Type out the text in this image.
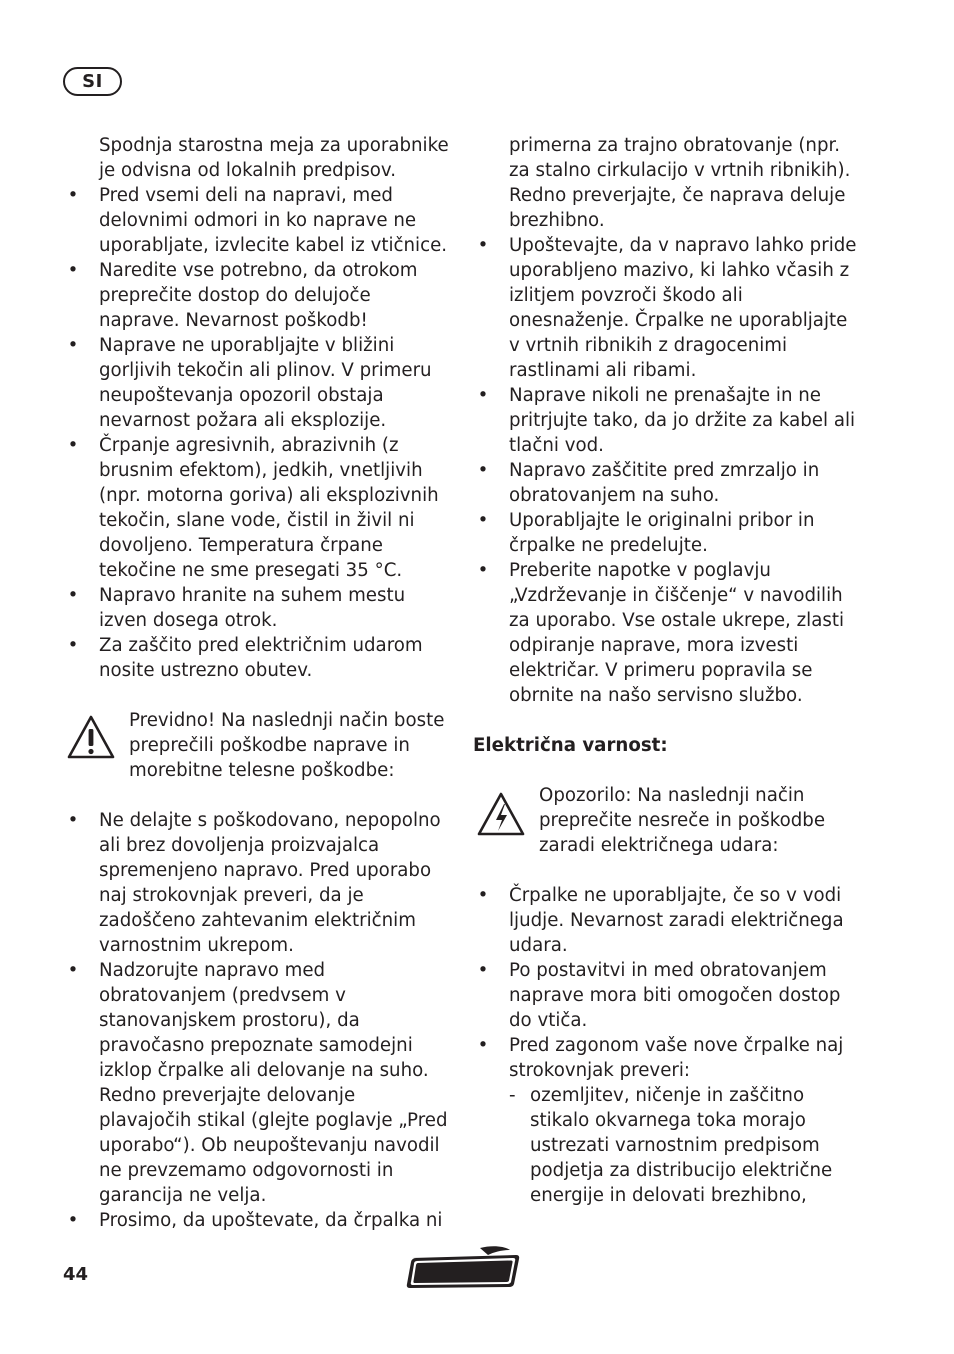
SI

Spodnja starostna meja za uporabnike je odvisna od lokalnih predpisov.

• Pred vsemi deli na napravi, med delovnimi odmori in ko naprave ne uporabljate, izvlecite kabel iz vtičnice.
• Naredite vse potrebno, da otrokom preprečite dostop do delujoče naprave. Nevarnost poškodb!
• Naprave ne uporabljajte v bližini gorljivih tekočin ali plinov. V primeru neupoštevanja opozoril obstaja nevarnost požara ali eksplozije.
• Črpanje agresivnih, abrazivnih (z brusnim efektom), jedkih, vnetljivih (npr. motorna goriva) ali eksplozivnih tekočin, slane vode, čistil in živil ni dovoljeno. Temperatura črpane tekočine ne sme presegati 35 °C.
• Napravo hranite na suhem mestu izven dosega otrok.
• Za zaščito pred električnim udarom nosite ustrezno obutev.
Previdno! Na naslednji način boste preprečili poškodbe naprave in morebitne telesne poškodbe:
• Ne delajte s poškodovano, nepopolno ali brez dovoljenja proizvajalca spremenjeno napravo. Pred uporabo naj strokovnjak preveri, da je zadoščeno zahtevanim električnim varnostnim ukrepom.
• Nadzorujte napravo med obratovanjem (predvsem v stanovanjskem prostoru), da pravočasno prepoznate samodejni izklop črpalke ali delovanje na suho. Redno preverjajte delovanje plavajočih stikal (glejte poglavje „Pred uporabo“). Ob neupoštevanju navodil ne prevzemamo odgovornosti in garancija ne velja.
• Prosimo, da upoštevate, da črpalka ni

primerna za trajno obratovanje (npr. za stalno cirkulacijo v vrtnih ribnikih). Redno preverjajte, če naprava deluje brezhibno.

• Upoštevajte, da v napravo lahko pride uporabljeno mazivo, ki lahko včasih z izlitjem povzroči škodo ali onesnaženje. Črpalke ne uporabljajte v vrtnih ribnikih z dragocenimi rastlinami ali ribami.
• Naprave nikoli ne prenašajte in ne pritrjujte tako, da jo držite za kabel ali tlačni vod.
• Napravo zaščitite pred zmrzaljo in obratovanjem na suho.
• Uporabljajte le originalni pribor in črpalke ne predelujte.
• Preberite napotke v poglavju „Vzdrževanje in čiščenje“ v navodilih za uporabo. Vse ostale ukrepe, zlasti odpiranje naprave, mora izvesti električar. V primeru popravila se obrnite na našo servisno službo.

Električna varnost:

Opozorilo: Na naslednji način preprečite nesreče in poškodbe zaradi električnega udara:
• Črpalke ne uporabljajte, če so v vodi ljudje. Nevarnost zaradi električnega udara.
• Po postavitvi in med obratovanjem naprave mora biti omogočen dostop do vtiča.
• Pred zagonom vaše nove črpalke naj strokovnjak preveri:
- ozemljitev, ničenje in zaščitno stikalo okvarnega toka morajo ustrezati varnostnim predpisom podjetja za distribucijo električne energije in delovati brezhibno,
44
